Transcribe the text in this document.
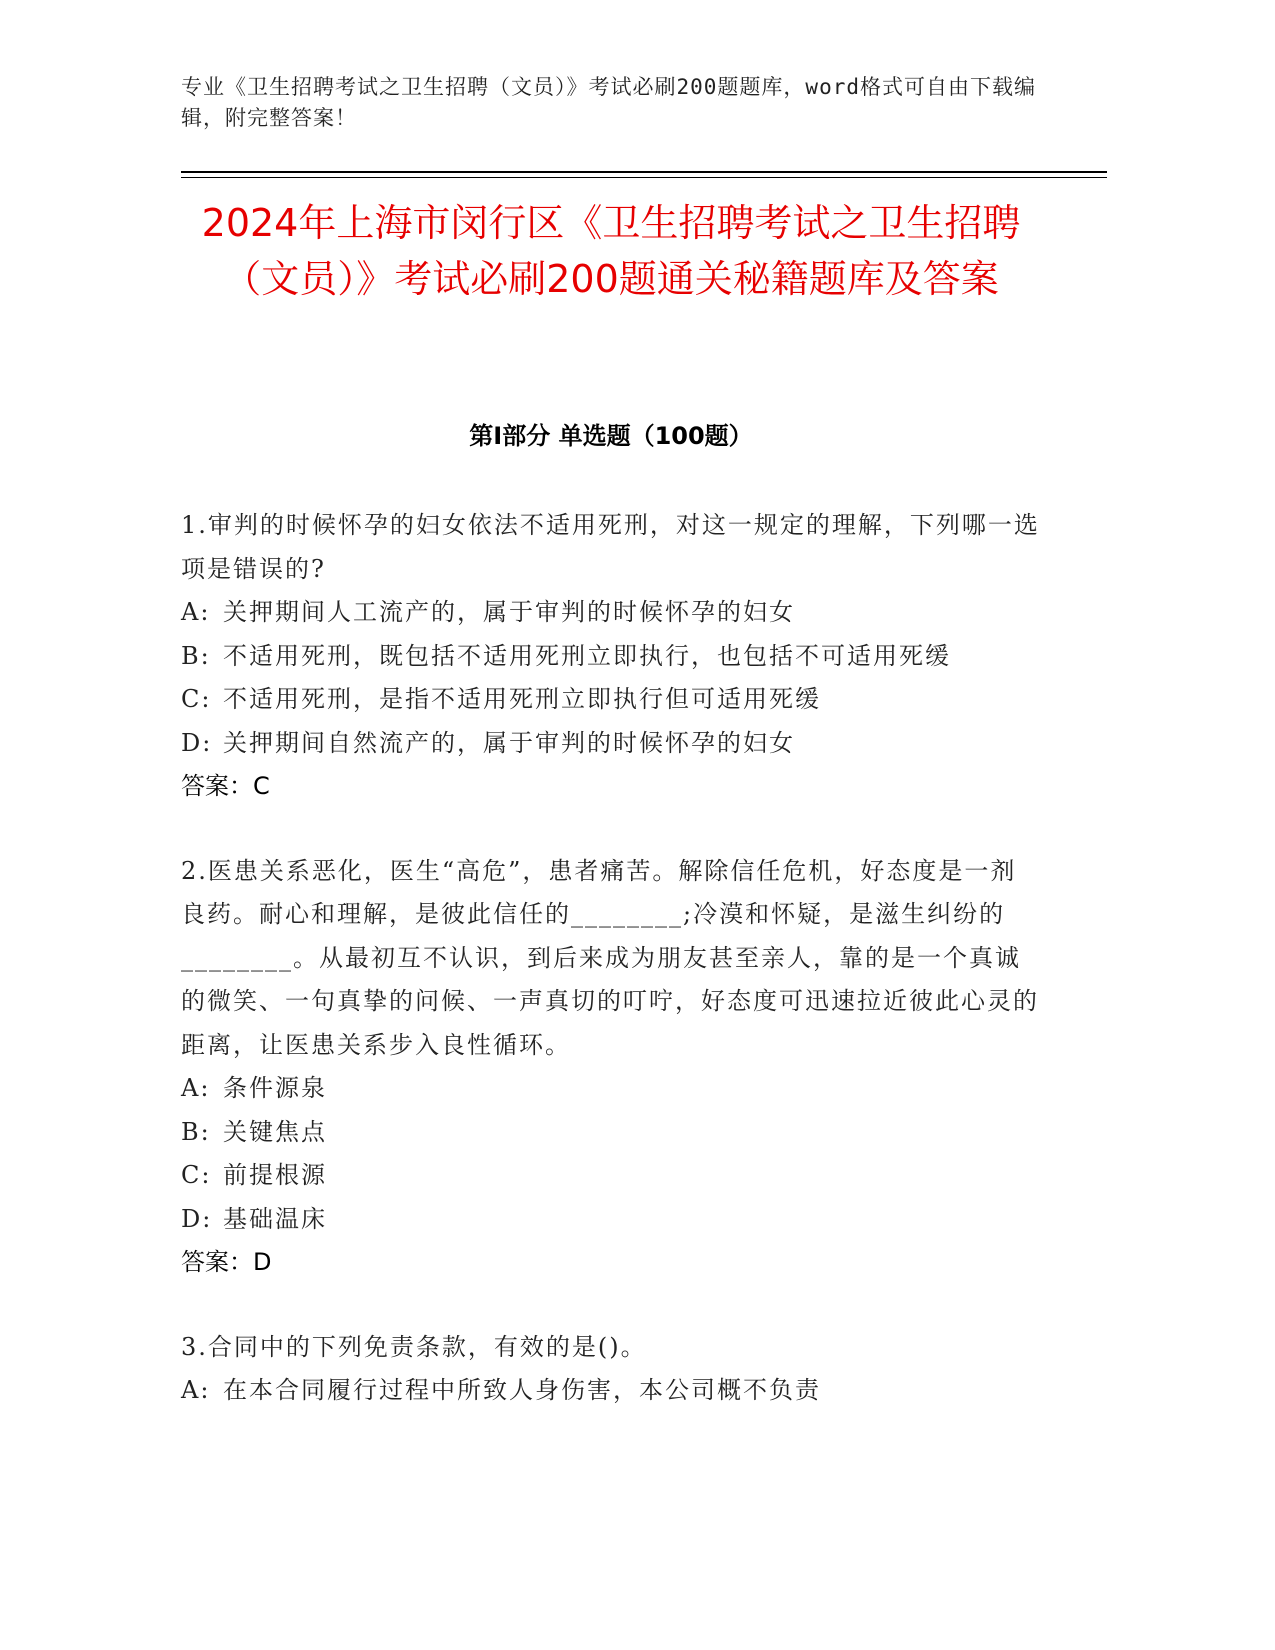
专业《卫生招聘考试之卫生招聘（文员）》考试必刷200题题库，word格式可自由下载编辑，附完整答案！
2024年上海市闵行区《卫生招聘考试之卫生招聘（文员）》考试必刷200题通关秘籍题库及答案
第Ⅰ部分 单选题（100题）

1.审判的时候怀孕的妇女依法不适用死刑，对这一规定的理解，下列哪一选项是错误的?

A: 关押期间人工流产的，属于审判的时候怀孕的妇女

B: 不适用死刑，既包括不适用死刑立即执行，也包括不可适用死缓

C: 不适用死刑，是指不适用死刑立即执行但可适用死缓

D: 关押期间自然流产的，属于审判的时候怀孕的妇女

答案：C

2.医患关系恶化，医生“高危”，患者痛苦。解除信任危机，好态度是一剂良药。耐心和理解，是彼此信任的________;冷漠和怀疑，是滋生纠纷的________。从最初互不认识，到后来成为朋友甚至亲人，靠的是一个真诚的微笑、一句真挚的问候、一声真切的叮咛，好态度可迅速拉近彼此心灵的距离，让医患关系步入良性循环。

A: 条件源泉

B: 关键焦点

C: 前提根源

D: 基础温床

答案：D

3.合同中的下列免责条款，有效的是()。

A: 在本合同履行过程中所致人身伤害，本公司概不负责
